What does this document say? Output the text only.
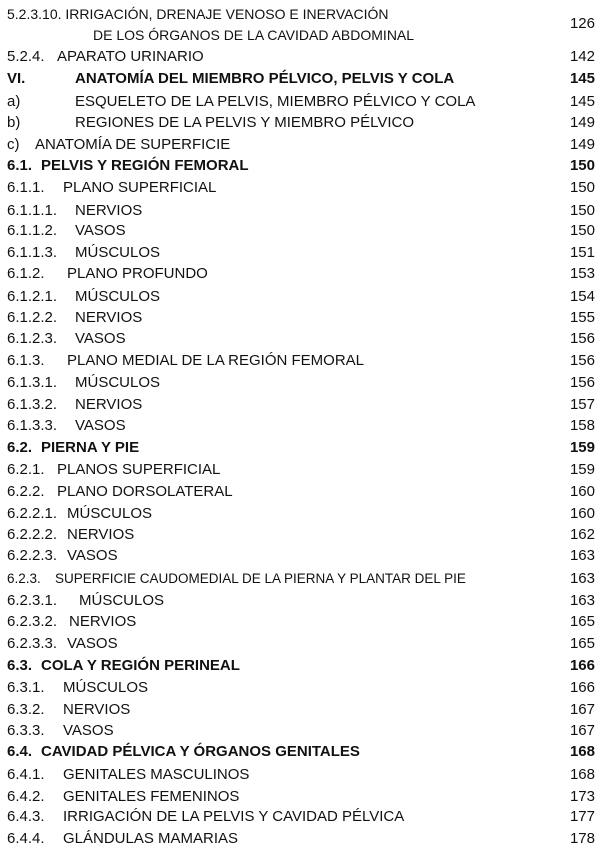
5.2.3.10. IRRIGACIÓN, DRENAJE VENOSO E INERVACIÓN
DE LOS ÓRGANOS DE LA CAVIDAD ABDOMINAL
126
5.2.4. APARATO URINARIO	142
VI.	ANATOMÍA DEL MIEMBRO PÉLVICO, PELVIS Y COLA	145
a)	ESQUELETO DE LA PELVIS, MIEMBRO PÉLVICO Y COLA	145
b)	REGIONES DE LA PELVIS Y MIEMBRO PÉLVICO	149
c)	ANATOMÍA DE SUPERFICIE	149
6.1. PELVIS Y REGIÓN FEMORAL	150
6.1.1.	PLANO SUPERFICIAL	150
6.1.1.1.	NERVIOS	150
6.1.1.2.	VASOS	150
6.1.1.3.	MÚSCULOS	151
6.1.2.	PLANO PROFUNDO	153
6.1.2.1.	MÚSCULOS	154
6.1.2.2.	NERVIOS	155
6.1.2.3.	VASOS	156
6.1.3.	PLANO MEDIAL DE LA REGIÓN FEMORAL	156
6.1.3.1.	MÚSCULOS	156
6.1.3.2.	NERVIOS	157
6.1.3.3.	VASOS	158
6.2. PIERNA Y PIE	159
6.2.1. PLANOS SUPERFICIAL	159
6.2.2. PLANO DORSOLATERAL	160
6.2.2.1. MÚSCULOS	160
6.2.2.2. NERVIOS	162
6.2.2.3. VASOS	163
6.2.3.	SUPERFICIE CAUDOMEDIAL DE LA PIERNA Y PLANTAR DEL PIE	163
6.2.3.1.	MÚSCULOS	163
6.2.3.2. NERVIOS	165
6.2.3.3. VASOS	165
6.3. COLA Y REGIÓN PERINEAL	166
6.3.1.	MÚSCULOS	166
6.3.2.	NERVIOS	167
6.3.3.	VASOS	167
6.4. CAVIDAD PÉLVICA Y ÓRGANOS GENITALES	168
6.4.1.	GENITALES MASCULINOS	168
6.4.2.	GENITALES FEMENINOS	173
6.4.3.	IRRIGACIÓN DE LA PELVIS Y CAVIDAD PÉLVICA	177
6.4.4.	GLÁNDULAS MAMARIAS	178
